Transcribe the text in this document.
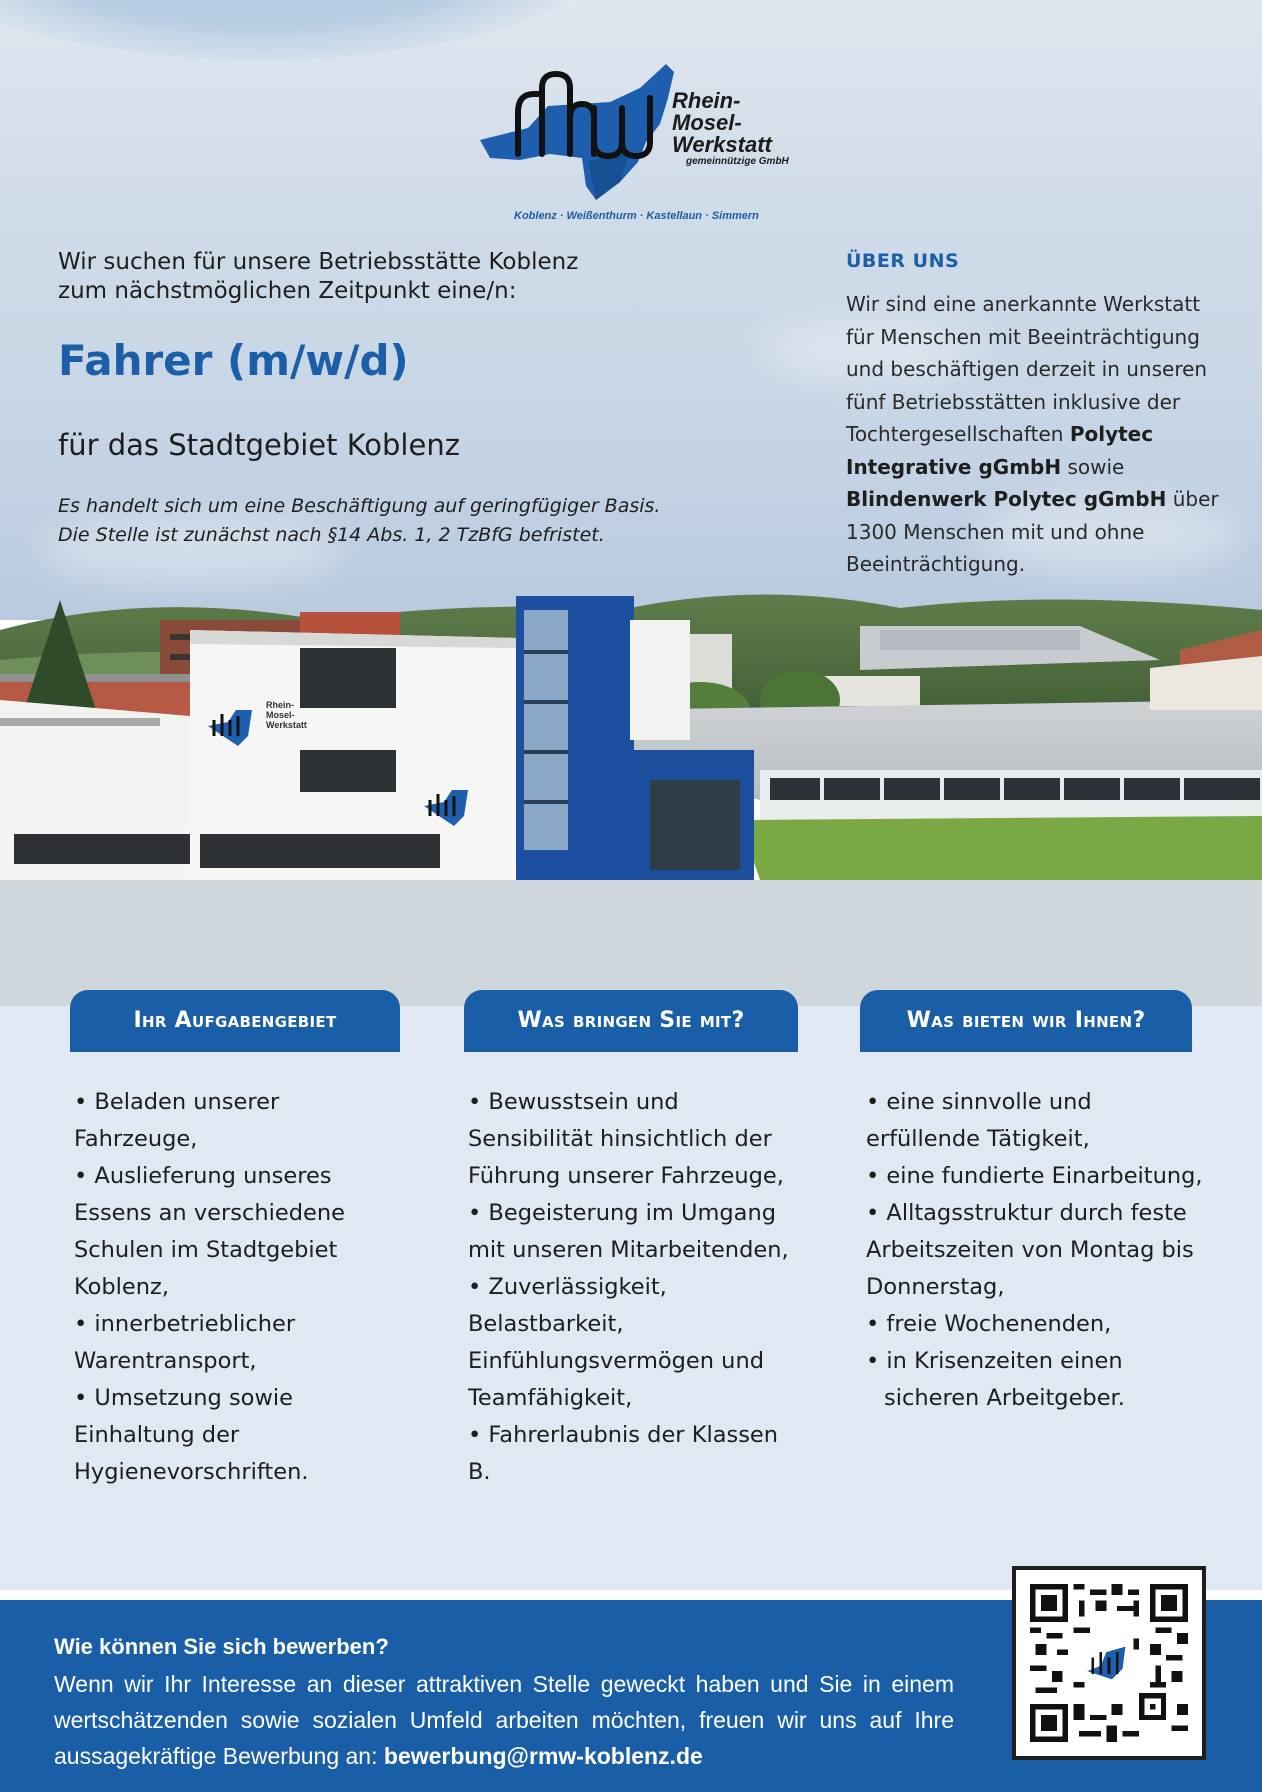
Rhein-
Mosel-
Werkstatt
gemeinnützige GmbH
Koblenz · Weißenthurm · Kastellaun · Simmern
Wir suchen für unsere Betriebsstätte Koblenz
zum nächstmöglichen Zeitpunkt eine/n:
Fahrer (m/w/d)
für das Stadtgebiet Koblenz
Es handelt sich um eine Beschäftigung auf geringfügiger Basis.
Die Stelle ist zunächst nach §14 Abs. 1, 2 TzBfG befristet.
ÜBER UNS
Wir sind eine anerkannte Werkstatt für Menschen mit Beeinträchtigung und beschäftigen derzeit in unseren fünf Betriebsstätten inklusive der Tochtergesellschaften Polytec Integrative gGmbH sowie Blindenwerk Polytec gGmbH über 1300 Menschen mit und ohne Beeinträchtigung.
Rhein-
Mosel-
Werkstatt
Ihr Aufgabengebiet	Was bringen Sie mit?	Was bieten wir Ihnen?
• Beladen unserer Fahrzeuge,
• Auslieferung unseres Essens an verschiedene Schulen im Stadtgebiet Koblenz,
• innerbetrieblicher Warentransport,
• Umsetzung sowie Einhaltung der Hygienevorschriften.
• Bewusstsein und Sensibilität hinsichtlich der Führung unserer Fahrzeuge,
• Begeisterung im Umgang mit unseren Mitarbeitenden,
• Zuverlässigkeit, Belastbarkeit, Einfühlungsvermögen und Teamfähigkeit,
• Fahrerlaubnis der Klassen B.
• eine sinnvolle und erfüllende Tätigkeit,
• eine fundierte Einarbeitung,
• Alltagsstruktur durch feste Arbeitszeiten von Montag bis Donnerstag,
• freie Wochenenden,
• in Krisenzeiten einen sicheren Arbeitgeber.
Wie können Sie sich bewerben?
Wenn wir Ihr Interesse an dieser attraktiven Stelle geweckt haben und Sie in einem wertschätzenden sowie sozialen Umfeld arbeiten möchten, freuen wir uns auf Ihre aussagekräftige Bewerbung an: bewerbung@rmw-koblenz.de
